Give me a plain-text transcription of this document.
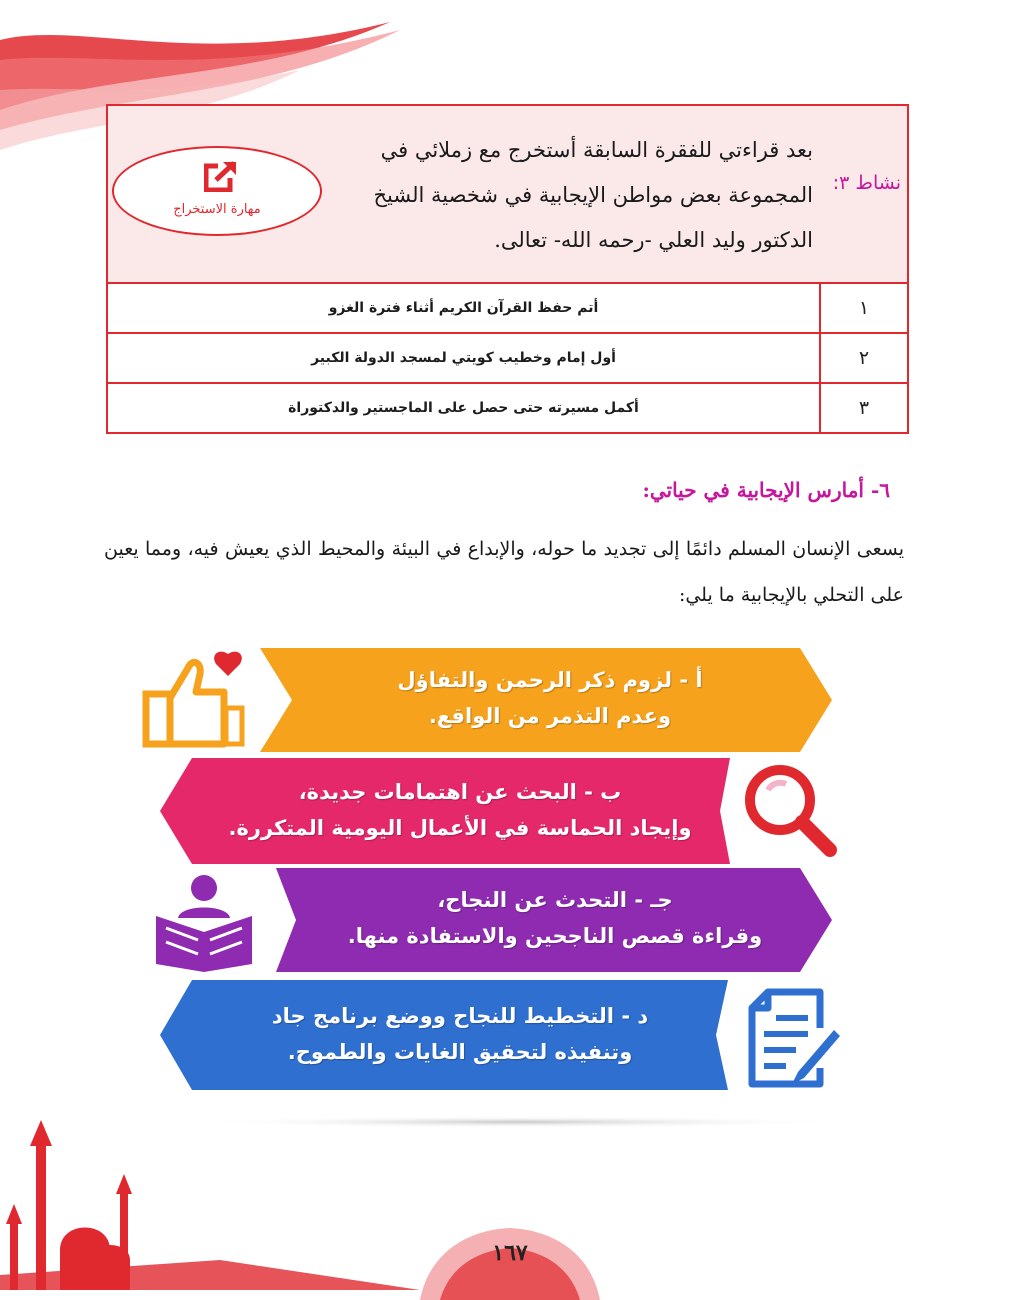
نشاط ٣:
بعد قراءتي للفقرة السابقة أستخرج مع زملائي في المجموعة بعض مواطن الإيجابية في شخصية الشيخ الدكتور وليد العلي -رحمه الله- تعالى.
مهارة الاستخراج
١
أتم حفظ القرآن الكريم أثناء فترة الغزو
٢
أول إمام وخطيب كويتي لمسجد الدولة الكبير
٣
أكمل مسيرته حتى حصل على الماجستير والدكتوراة
٦- أمارس الإيجابية في حياتي:
يسعى الإنسان المسلم دائمًا إلى تجديد ما حوله، والإبداع في البيئة والمحيط الذي يعيش فيه، ومما يعين على التحلي بالإيجابية ما يلي:
أ - لزوم ذكر الرحمن والتفاؤل
وعدم التذمر من الواقع.
ب - البحث عن اهتمامات جديدة،
وإيجاد الحماسة في الأعمال اليومية المتكررة.
جـ - التحدث عن النجاح،
وقراءة قصص الناجحين والاستفادة منها.
د - التخطيط للنجاح ووضع برنامج جاد
وتنفيذه لتحقيق الغايات والطموح.
١٦٧
